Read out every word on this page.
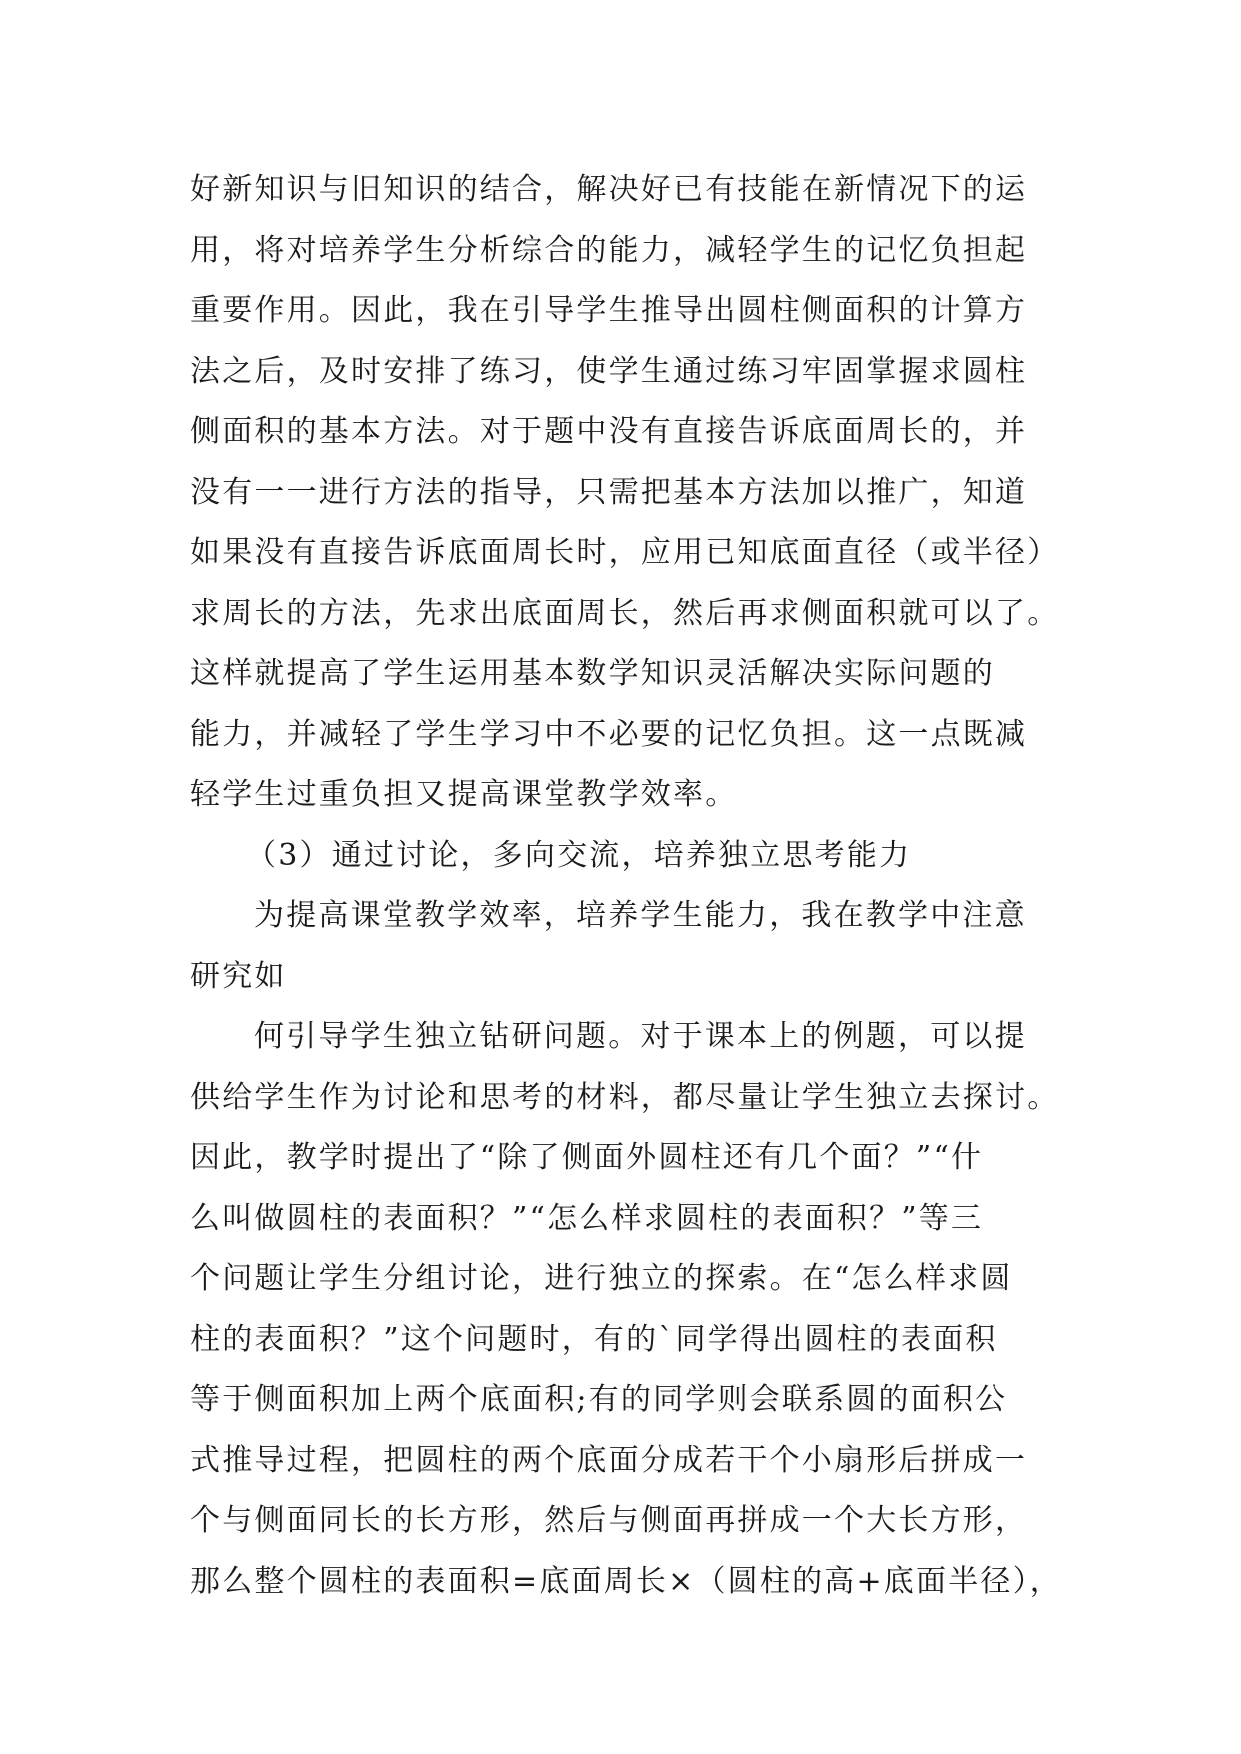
好新知识与旧知识的结合，解决好已有技能在新情况下的运
用，将对培养学生分析综合的能力，减轻学生的记忆负担起
重要作用。因此，我在引导学生推导出圆柱侧面积的计算方
法之后，及时安排了练习，使学生通过练习牢固掌握求圆柱
侧面积的基本方法。对于题中没有直接告诉底面周长的，并
没有一一进行方法的指导，只需把基本方法加以推广，知道
如果没有直接告诉底面周长时，应用已知底面直径（或半径）
求周长的方法，先求出底面周长，然后再求侧面积就可以了。
这样就提高了学生运用基本数学知识灵活解决实际问题的
能力，并减轻了学生学习中不必要的记忆负担。这一点既减
轻学生过重负担又提高课堂教学效率。
（3）通过讨论，多向交流，培养独立思考能力
为提高课堂教学效率，培养学生能力，我在教学中注意
研究如
何引导学生独立钻研问题。对于课本上的例题，可以提
供给学生作为讨论和思考的材料，都尽量让学生独立去探讨。
因此，教学时提出了“除了侧面外圆柱还有几个面？”“什
么叫做圆柱的表面积？”“怎么样求圆柱的表面积？”等三
个问题让学生分组讨论，进行独立的探索。在“怎么样求圆
柱的表面积？”这个问题时，有的`同学得出圆柱的表面积
等于侧面积加上两个底面积;有的同学则会联系圆的面积公
式推导过程，把圆柱的两个底面分成若干个小扇形后拼成一
个与侧面同长的长方形，然后与侧面再拼成一个大长方形，
那么整个圆柱的表面积=底面周长×（圆柱的高+底面半径），
